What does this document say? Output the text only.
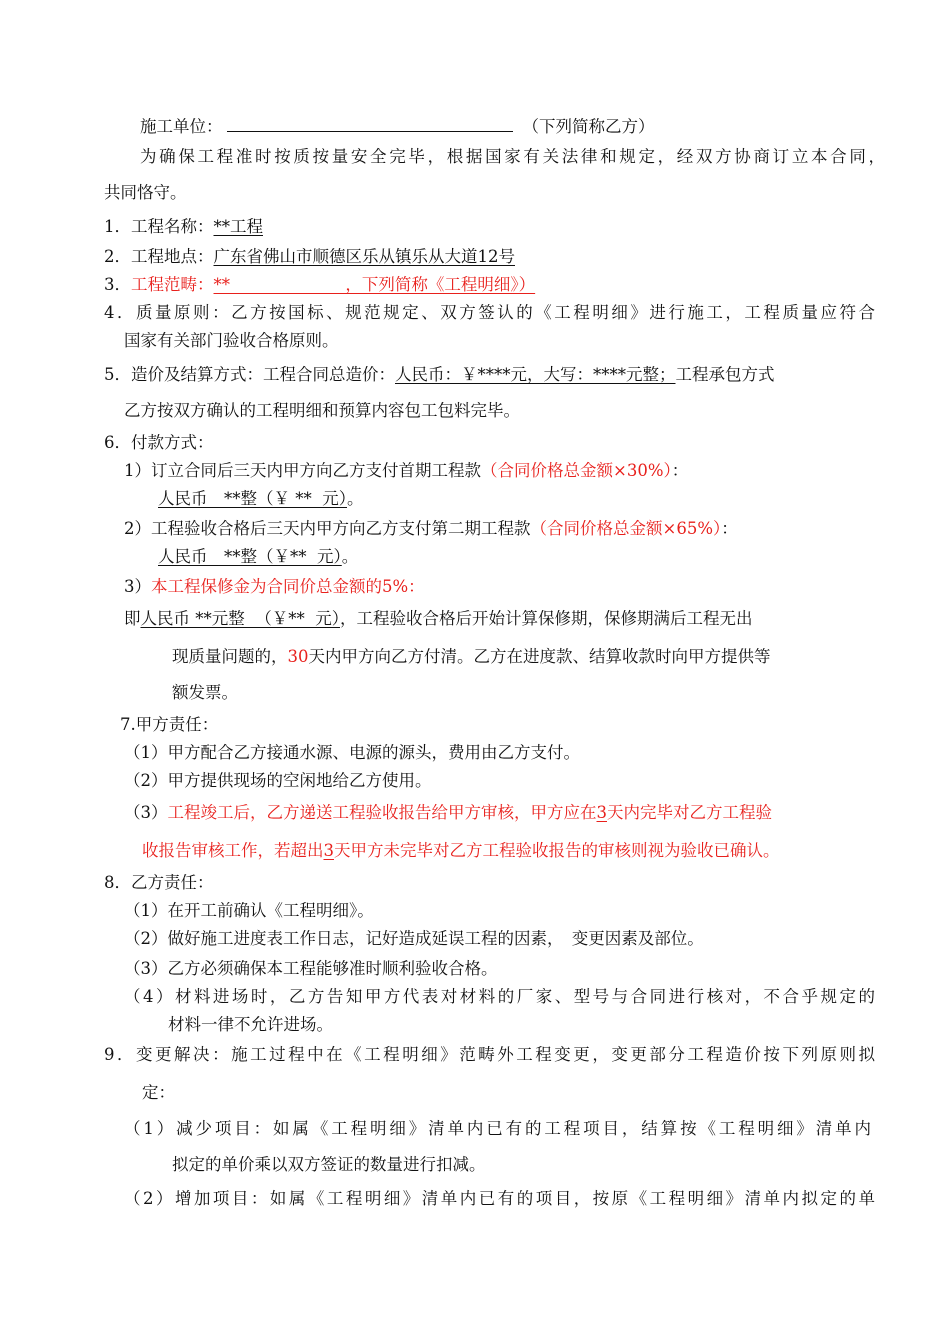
施工单位：	（下列简称乙方）
为确保工程准时按质按量安全完毕，根据国家有关法律和规定，经双方协商订立本合同，
共同恪守。
1．工程名称：**工程
2．工程地点：广东省佛山市顺德区乐从镇乐从大道12号
3．工程范畴：**                      ，下列简称《工程明细》）
4．质量原则：乙方按国标、规范规定、双方签认的《工程明细》进行施工，工程质量应符合
国家有关部门验收合格原则。
5．造价及结算方式：工程合同总造价：人民币：￥****元，大写：****元整；工程承包方式
乙方按双方确认的工程明细和预算内容包工包料完毕。
6．付款方式：
1）订立合同后三天内甲方向乙方支付首期工程款（合同价格总金额×30%）：
人民币　**整（￥ **  元）。
2）工程验收合格后三天内甲方向乙方支付第二期工程款（合同价格总金额×65%）：
人民币　**整（￥**  元）。
3）本工程保修金为合同价总金额的5%：
即人民币 **元整  （￥**  元），工程验收合格后开始计算保修期，保修期满后工程无出
现质量问题的，30天内甲方向乙方付清。乙方在进度款、结算收款时向甲方提供等
额发票。
7.甲方责任：
（1）甲方配合乙方接通水源、电源的源头，费用由乙方支付。
（2）甲方提供现场的空闲地给乙方使用。
（3）工程竣工后，乙方递送工程验收报告给甲方审核，甲方应在3天内完毕对乙方工程验
收报告审核工作，若超出3天甲方未完毕对乙方工程验收报告的审核则视为验收已确认。
8．乙方责任：
（1）在开工前确认《工程明细》。
（2）做好施工进度表工作日志，记好造成延误工程的因素，　变更因素及部位。
（3）乙方必须确保本工程能够准时顺利验收合格。
（4）材料进场时，乙方告知甲方代表对材料的厂家、型号与合同进行核对，不合乎规定的
材料一律不允许进场。
9．变更解决：施工过程中在《工程明细》范畴外工程变更，变更部分工程造价按下列原则拟
定：
（1）减少项目：如属《工程明细》清单内已有的工程项目，结算按《工程明细》清单内
拟定的单价乘以双方签证的数量进行扣减。
（2）增加项目：如属《工程明细》清单内已有的项目，按原《工程明细》清单内拟定的单
